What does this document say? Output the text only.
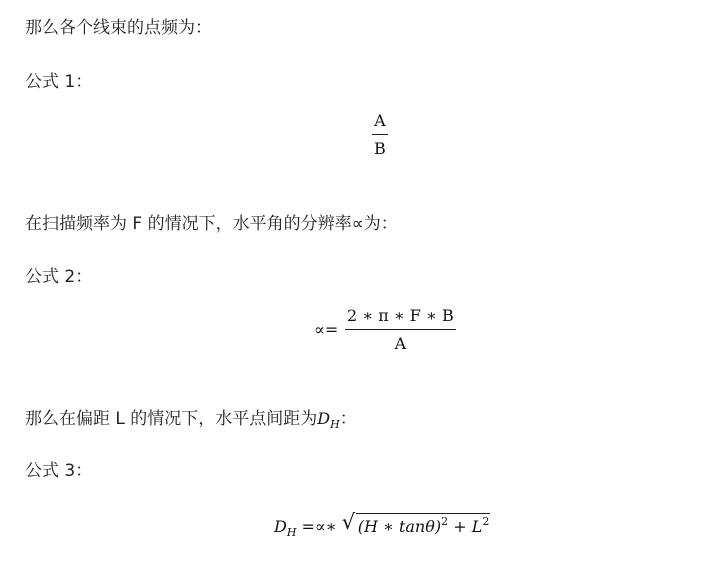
那么各个线束的点频为：
公式 1：
A
B
在扫描频率为 F 的情况下，水平角的分辨率∝为：
公式 2：
∝=
2 ∗ π ∗ F ∗ B
A
那么在偏距 L 的情况下，水平点间距为$D_H$：
公式 3：
$D_H$ =∝∗ √ (H ∗ $\tan\theta)^2 + L^2$
